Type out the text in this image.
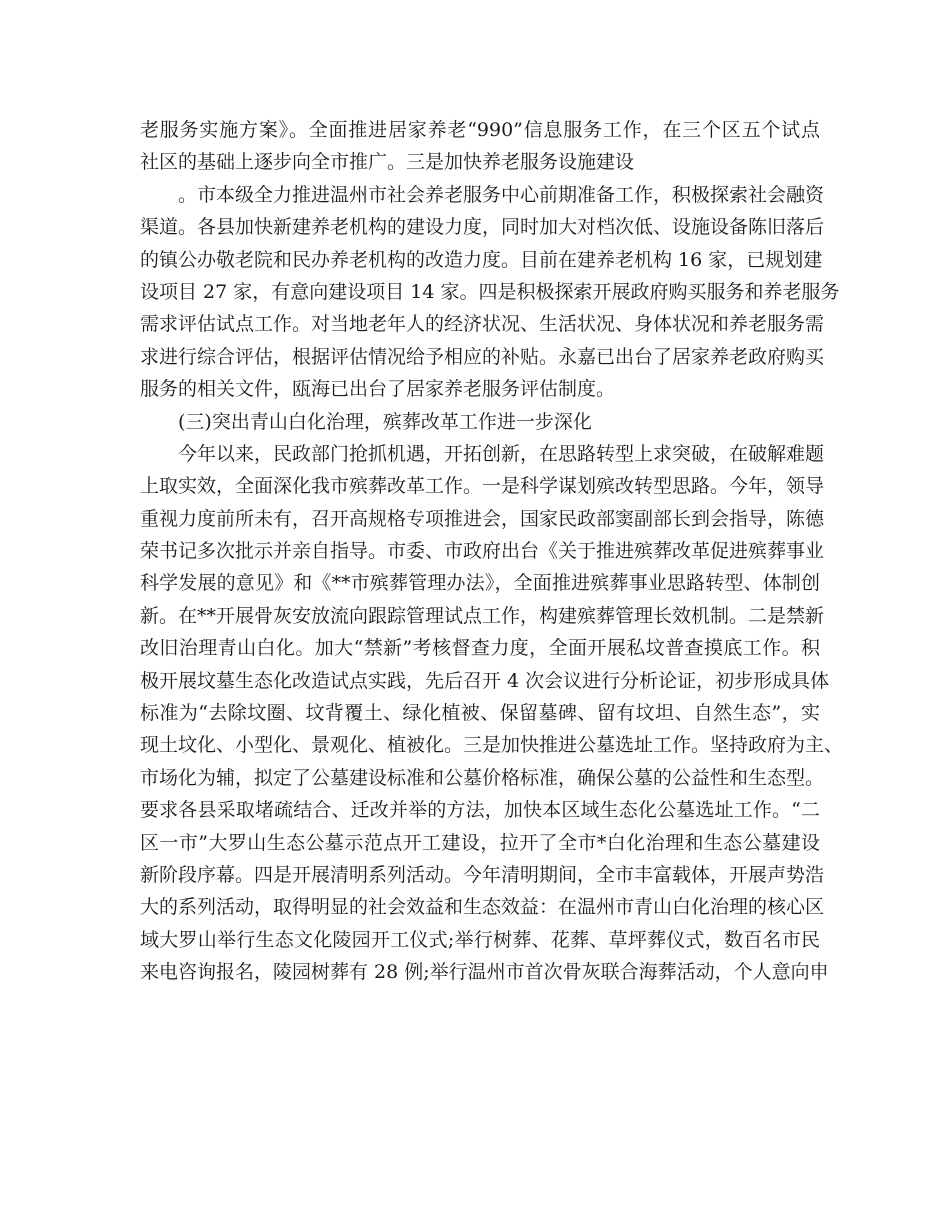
老服务实施方案》。全面推进居家养老“990”信息服务工作，在三个区五个试点
社区的基础上逐步向全市推广。三是加快养老服务设施建设
。市本级全力推进温州市社会养老服务中心前期准备工作，积极探索社会融资
渠道。各县加快新建养老机构的建设力度，同时加大对档次低、设施设备陈旧落后
的镇公办敬老院和民办养老机构的改造力度。目前在建养老机构 16 家，已规划建
设项目 27 家，有意向建设项目 14 家。四是积极探索开展政府购买服务和养老服务
需求评估试点工作。对当地老年人的经济状况、生活状况、身体状况和养老服务需
求进行综合评估，根据评估情况给予相应的补贴。永嘉已出台了居家养老政府购买
服务的相关文件，瓯海已出台了居家养老服务评估制度。
(三)突出青山白化治理，殡葬改革工作进一步深化
今年以来，民政部门抢抓机遇，开拓创新，在思路转型上求突破，在破解难题
上取实效，全面深化我市殡葬改革工作。一是科学谋划殡改转型思路。今年，领导
重视力度前所未有，召开高规格专项推进会，国家民政部窦副部长到会指导，陈德
荣书记多次批示并亲自指导。市委、市政府出台《关于推进殡葬改革促进殡葬事业
科学发展的意见》和《**市殡葬管理办法》，全面推进殡葬事业思路转型、体制创
新。在**开展骨灰安放流向跟踪管理试点工作，构建殡葬管理长效机制。二是禁新
改旧治理青山白化。加大“禁新”考核督查力度，全面开展私坟普查摸底工作。积
极开展坟墓生态化改造试点实践，先后召开 4 次会议进行分析论证，初步形成具体
标准为“去除坟圈、坟背覆土、绿化植被、保留墓碑、留有坟坦、自然生态”，实
现土坟化、小型化、景观化、植被化。三是加快推进公墓选址工作。坚持政府为主、
市场化为辅，拟定了公墓建设标准和公墓价格标准，确保公墓的公益性和生态型。
要求各县采取堵疏结合、迁改并举的方法，加快本区域生态化公墓选址工作。“二
区一市”大罗山生态公墓示范点开工建设，拉开了全市*白化治理和生态公墓建设
新阶段序幕。四是开展清明系列活动。今年清明期间，全市丰富载体，开展声势浩
大的系列活动，取得明显的社会效益和生态效益：在温州市青山白化治理的核心区
域大罗山举行生态文化陵园开工仪式;举行树葬、花葬、草坪葬仪式，数百名市民
来电咨询报名，陵园树葬有 28 例;举行温州市首次骨灰联合海葬活动，个人意向申
